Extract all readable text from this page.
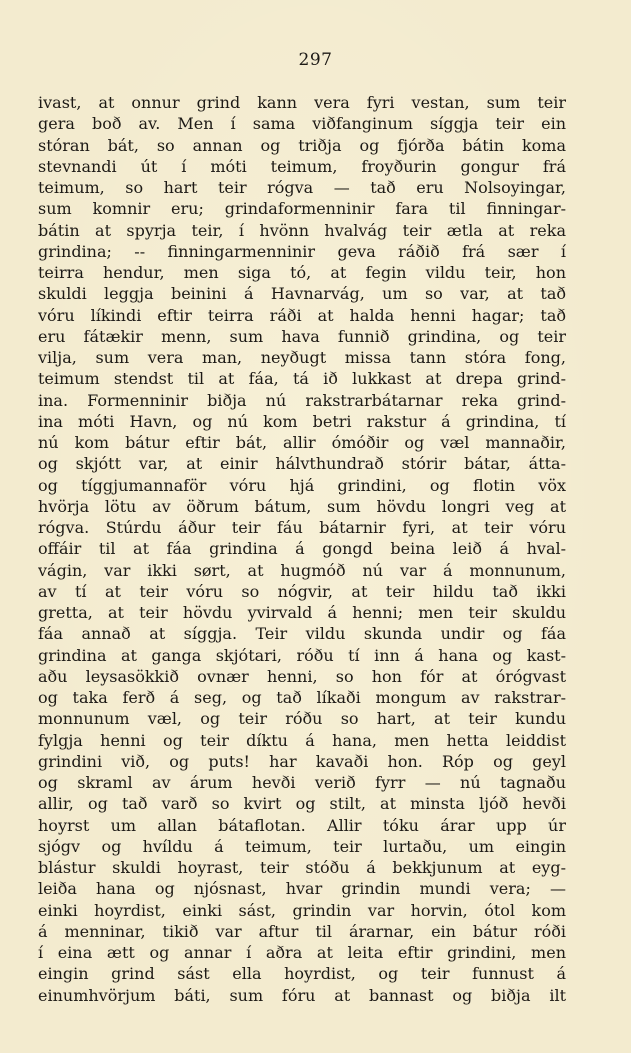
297
ivast, at onnur grind kann vera fyri vestan, sum teir
gera boð av. Men í sama viðfanginum síggja teir ein
stóran bát, so annan og triðja og fjórða bátin koma
stevnandi út í móti teimum, froyðurin gongur frá
teimum, so hart teir rógva — tað eru Nolsoyingar,
sum komnir eru; grindaformenninir fara til finningar-
bátin at spyrja teir, í hvönn hvalvág teir ætla at reka
grindina; -- finningarmenninir geva ráðið frá sær í
teirra hendur, men siga tó, at fegin vildu teir, hon
skuldi leggja beinini á Havnarvág, um so var, at tað
vóru líkindi eftir teirra ráði at halda henni hagar; tað
eru fátækir menn, sum hava funnið grindina, og teir
vilja, sum vera man, neyðugt missa tann stóra fong,
teimum stendst til at fáa, tá ið lukkast at drepa grind-
ina. Formenninir biðja nú rakstrarbátarnar reka grind-
ina móti Havn, og nú kom betri rakstur á grindina, tí
nú kom bátur eftir bát, allir ómóðir og væl mannaðir,
og skjótt var, at einir hálvthundrað stórir bátar, átta-
og tíggjumannaför vóru hjá grindini, og flotin vöx
hvörja lötu av öðrum bátum, sum hövdu longri veg at
rógva. Stúrdu áður teir fáu bátarnir fyri, at teir vóru
offáir til at fáa grindina á gongd beina leið á hval-
vágin, var ikki sørt, at hugmóð nú var á monnunum,
av tí at teir vóru so nógvir, at teir hildu tað ikki
gretta, at teir hövdu yvirvald á henni; men teir skuldu
fáa annað at síggja. Teir vildu skunda undir og fáa
grindina at ganga skjótari, róðu tí inn á hana og kast-
aðu leysasökkið ovnær henni, so hon fór at órógvast
og taka ferð á seg, og tað líkaði mongum av rakstrar-
monnunum væl, og teir róðu so hart, at teir kundu
fylgja henni og teir díktu á hana, men hetta leiddist
grindini við, og puts! har kavaði hon. Róp og geyl
og skraml av árum hevði verið fyrr — nú tagnaðu
allir, og tað varð so kvirt og stilt, at minsta ljóð hevði
hoyrst um allan bátaflotan. Allir tóku árar upp úr
sjógv og hvíldu á teimum, teir lurtaðu, um eingin
blástur skuldi hoyrast, teir stóðu á bekkjunum at eyg-
leiða hana og njósnast, hvar grindin mundi vera; —
einki hoyrdist, einki sást, grindin var horvin, ótol kom
á menninar, tikið var aftur til árarnar, ein bátur róði
í eina ætt og annar í aðra at leita eftir grindini, men
eingin grind sást ella hoyrdist, og teir funnust á
einumhvörjum báti, sum fóru at bannast og biðja ilt
